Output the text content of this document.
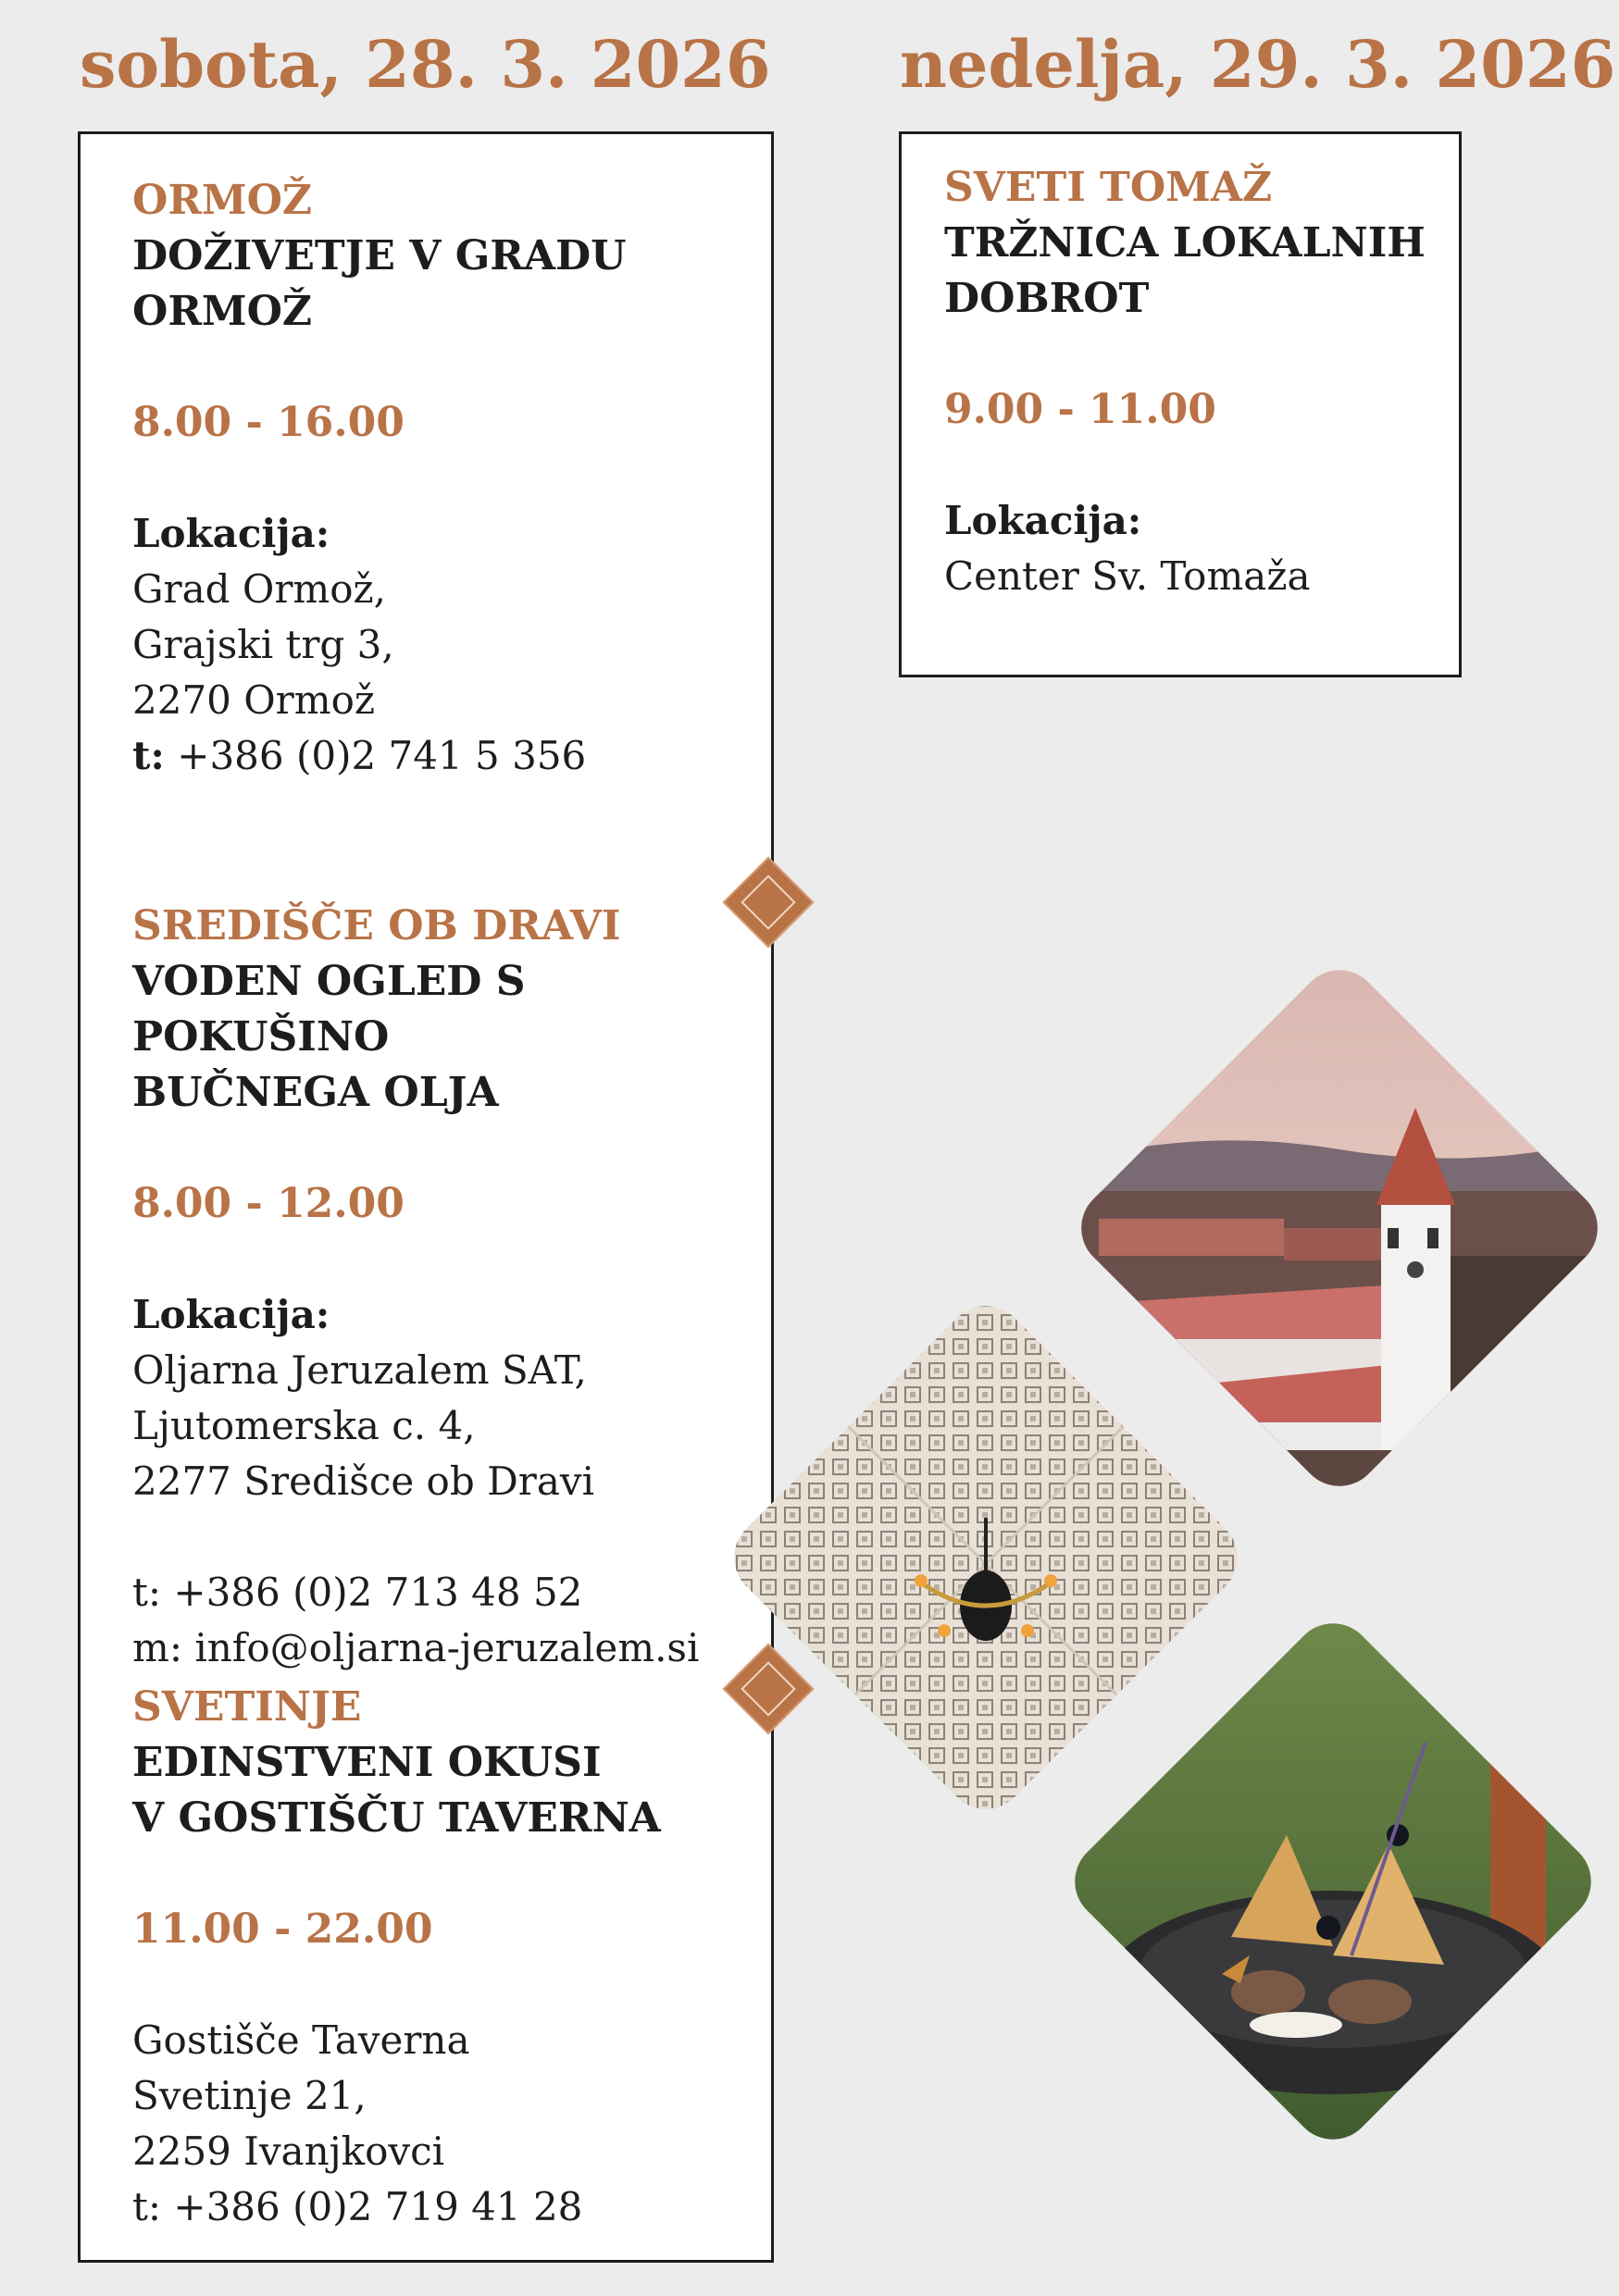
sobota, 28. 3. 2026 nedelja, 29. 3. 2026
ORMOŽ
DOŽIVETJE V GRADU
ORMOŽ
8.00 - 16.00
Lokacija:
Grad Ormož,
Grajski trg 3,
2270 Ormož
t: +386 (0)2 741 5 356
SREDIŠČE OB DRAVI
VODEN OGLED S POKUŠINO
BUČNEGA OLJA
8.00 - 12.00
Lokacija:
Oljarna Jeruzalem SAT,
Ljutomerska c. 4,
2277 Središce ob Dravi
t: +386 (0)2 713 48 52
m: info@oljarna-jeruzalem.si
SVETINJE
EDINSTVENI OKUSI
V GOSTIŠČU TAVERNA
11.00 - 22.00
Gostišče Taverna
Svetinje 21,
2259 Ivanjkovci
t: +386 (0)2 719 41 28
SVETI TOMAŽ
TRŽNICA LOKALNIH
DOBROT
9.00 - 11.00
Lokacija:
Center Sv. Tomaža
